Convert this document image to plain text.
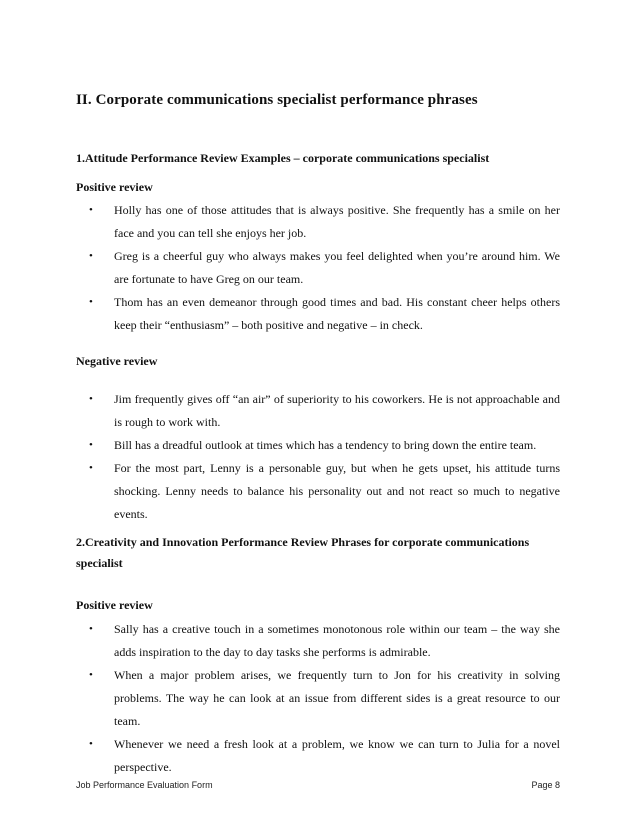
II. Corporate communications specialist performance phrases
1.Attitude Performance Review Examples – corporate communications specialist
Positive review
• Holly has one of those attitudes that is always positive. She frequently has a smile on her face and you can tell she enjoys her job.
• Greg is a cheerful guy who always makes you feel delighted when you’re around him. We are fortunate to have Greg on our team.
• Thom has an even demeanor through good times and bad. His constant cheer helps others keep their “enthusiasm” – both positive and negative – in check.
Negative review
• Jim frequently gives off “an air” of superiority to his coworkers. He is not approachable and is rough to work with.
• Bill has a dreadful outlook at times which has a tendency to bring down the entire team.
• For the most part, Lenny is a personable guy, but when he gets upset, his attitude turns shocking. Lenny needs to balance his personality out and not react so much to negative events.
2.Creativity and Innovation Performance Review Phrases for corporate communications specialist
Positive review
• Sally has a creative touch in a sometimes monotonous role within our team – the way she adds inspiration to the day to day tasks she performs is admirable.
• When a major problem arises, we frequently turn to Jon for his creativity in solving problems. The way he can look at an issue from different sides is a great resource to our team.
• Whenever we need a fresh look at a problem, we know we can turn to Julia for a novel perspective.
Job Performance Evaluation Form	Page 8
